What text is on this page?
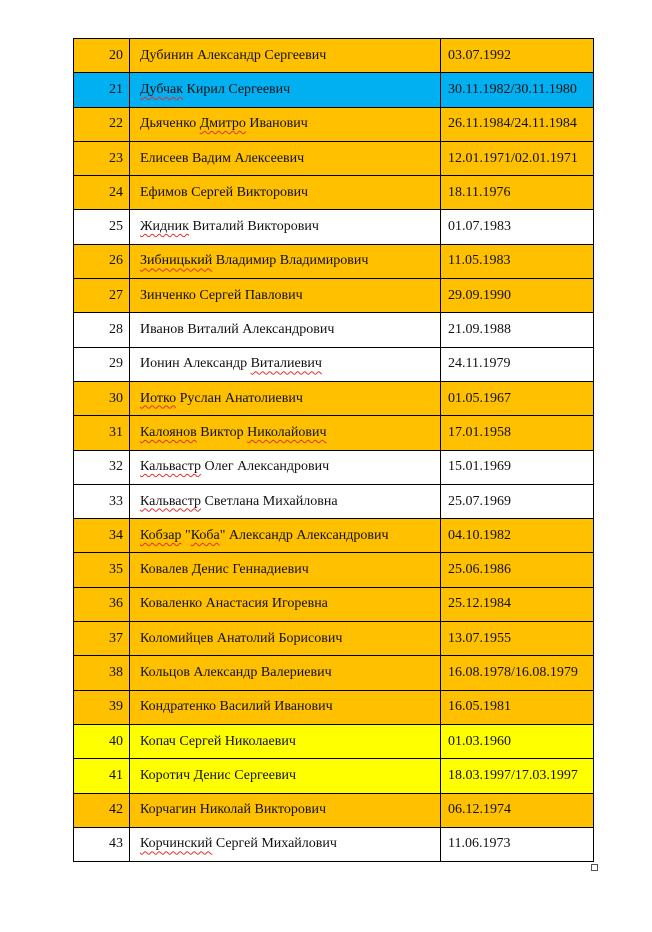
20	Дубинин Александр Сергеевич	03.07.1992
21	Дубчак Кирил Сергеевич	30.11.1982/30.11.1980
22	Дьяченко Дмитро Иванович	26.11.1984/24.11.1984
23	Елисеев Вадим Алексеевич	12.01.1971/02.01.1971
24	Ефимов Сергей Викторович	18.11.1976
25	Жидник Виталий Викторович	01.07.1983
26	Зибницький Владимир Владимирович	11.05.1983
27	Зинченко Сергей Павлович	29.09.1990
28	Иванов Виталий Александрович	21.09.1988
29	Ионин Александр Виталиевич	24.11.1979
30	Иотко Руслан Анатолиевич	01.05.1967
31	Калоянов Виктор Николайович	17.01.1958
32	Кальвастр Олег Александрович	15.01.1969
33	Кальвастр Светлана Михайловна	25.07.1969
34	Кобзар "Коба" Александр Александрович	04.10.1982
35	Ковалев Денис Геннадиевич	25.06.1986
36	Коваленко Анастасия Игоревна	25.12.1984
37	Коломийцев Анатолий Борисович	13.07.1955
38	Кольцов Александр Валериевич	16.08.1978/16.08.1979
39	Кондратенко Василий Иванович	16.05.1981
40	Копач Сергей Николаевич	01.03.1960
41	Коротич Денис Сергеевич	18.03.1997/17.03.1997
42	Корчагин Николай Викторович	06.12.1974
43	Корчинский Сергей Михайлович	11.06.1973
